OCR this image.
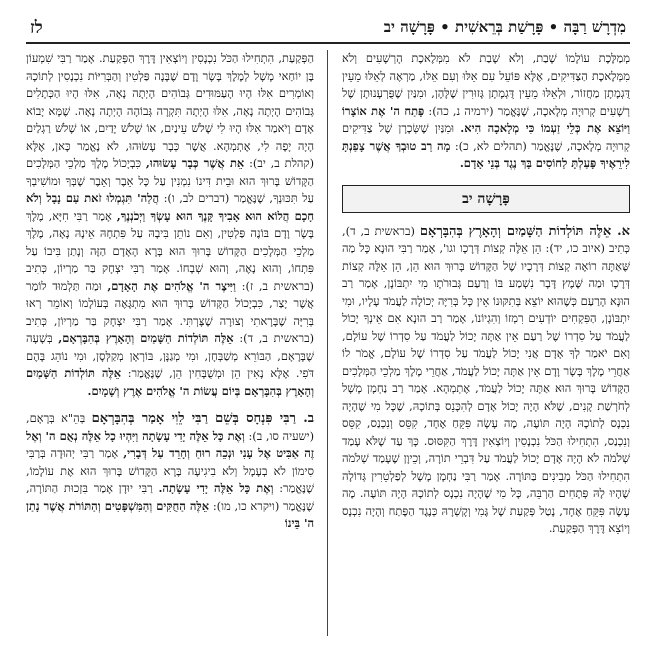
מִדְרָשׁ רַבָּה • פָּרָשַׁת בְּרֵאשִׁית • פָּרָשָׁה יב
לז

מְמַלֶּכֶת עוֹלָמוֹ שָׁבַת, וְלֹא שָׁבַת לֹא מִמְּלֶאכֶת הָרְשָׁעִים וְלֹא מִמְּלֶאכֶת הַצַּדִּיקִים, אֶלָּא פּוֹעֵל עִם אֵלּוּ וְעִם אֵלּוּ, מַרְאֶה לְאֵלּוּ מֵעֵין דֻּגְמָתָן מַחֲזוֹר, וּלְאֵלּוּ מֵעֵין דֻּגְמָתָן גָּזוּרִין שֶׁלָּהֶן, וּמִנַּיִן שֶׁפֻּרְעָנוּתָן שֶׁל רְשָׁעִים קְרוּיָה מְלָאכָה, שֶׁנֶּאֱמַר (ירמיה נ, כה): פָּתַח ה' אֶת אוֹצָרוֹ וַיּוֹצֵא אֶת כְּלֵי זַעְמוֹ כִּי מְלָאכָה הִיא. וּמִנַּיִן שֶׁשְּׂכָרָן שֶׁל צַדִּיקִים קְרוּיָה מְלָאכָה, שֶׁנֶּאֱמַר (תהלים לא, כ): מָה רַב טוּבְךָ אֲשֶׁר צָפַנְתָּ לִירֵאֶיךָ פָּעַלְתָּ לַחוֹסִים בָּךְ נֶגֶד בְּנֵי אָדָם.

פָּרָשָׁה יב

א. אֵלֶּה תּוֹלְדוֹת הַשָּׁמַיִם וְהָאָרֶץ בְּהִבָּרְאָם (בראשית ב, ד), כְּתִיב (איוב כו, יד): הֵן אֵלֶּה קְצוֹת דְּרָכָו וגו', אָמַר רַבִּי הוּנָא כָּל מַה שֶּׁאַתָּה רוֹאֶה קְצוֹת דְּרָכָיו שֶׁל הַקָּדוֹשׁ בָּרוּךְ הוּא הֵן, הֵן אֵלֶּה קְצוֹת דְּרָכָו וּמַה שֶּׁמֶץ דָּבָר נִשְׁמַע בּוֹ וְרַעַם גְּבוּרֹתָו מִי יִתְבּוֹנָן, אָמַר רַב הוּנָא הָרַעַם כְּשֶׁהוּא יוֹצֵא בְּתִקּוּנוֹ אֵין כָּל בְּרִיָּה יְכוֹלָה לַעֲמֹד עָלָיו, וּמִי יִתְבּוֹנָן, הַפִּקְחִים יוֹדְעִים רִמְזוֹ וְהִגְיוֹנוֹ, אָמַר רַב הוּנָא אִם אֵינְךָ יָכוֹל לַעֲמֹד עַל סִדְרוֹ שֶׁל רַעַם אֵין אַתָּה יָכוֹל לַעֲמֹד עַל סִדְרוֹ שֶׁל עוֹלָם, וְאִם יֹאמַר לְךָ אָדָם אֲנִי יָכוֹל לַעֲמֹד עַל סִדְרוֹ שֶׁל עוֹלָם, אֱמֹר לוֹ אַחֲרֵי מֶלֶךְ בָּשָׂר וָדָם אֵין אַתָּה יָכוֹל לַעֲמֹד, אַחֲרֵי מֶלֶךְ מַלְכֵי הַמְּלָכִים הַקָּדוֹשׁ בָּרוּךְ הוּא אַתָּה יָכוֹל לַעֲמֹד, אֶתְמְהָא. אָמַר רַב נַחְמָן מָשָׁל לְחֹרְשַׁת קָנִים, שֶׁלֹּא הָיָה יָכוֹל אָדָם לְהִכָּנֵס בְּתוֹכָהּ, שֶׁכָּל מִי שֶׁהָיָה נִכְנָס לְתוֹכָהּ הָיָה תּוֹעֶה, מֶה עָשָׂה פִּקֵּחַ אֶחָד, קִסֵּס וְנִכְנַס, קִסֵּס וְנִכְנַס, הִתְחִילוּ הַכֹּל נִכְנָסִין וְיוֹצְאִין דֶּרֶךְ הַקִּסּוּס. כָּךְ עַד שֶׁלֹּא עָמַד שְׁלֹמֹה לֹא הָיָה אָדָם יָכוֹל לַעֲמֹד עַל דִּבְרֵי תוֹרָה, וְכֵיוָן שֶׁעָמַד שְׁלֹמֹה הִתְחִילוּ הַכֹּל מְבִינִים בַּתּוֹרָה. אָמַר רַבִּי נַחְמָן מָשָׁל לְפַלְטֵרִין גְּדוֹלָה שֶׁהָיוּ לָהּ פְּתָחִים הַרְבֵּה, כָּל מִי שֶׁהָיָה נִכְנָס לְתוֹכָהּ הָיָה תּוֹעֶה. מֶה עָשָׂה פִּקֵּחַ אֶחָד, נָטַל פְּקַעַת שֶׁל גֶּמִי וְקָשְׁרָהּ כְּנֶגֶד הַפֶּתַח וְהָיָה נִכְנָס וְיוֹצֵא דֶּרֶךְ הַפְּקַעַת.

הַפְּקַעַת, הִתְחִילוּ הַכֹּל נִכְנָסִין וְיוֹצְאִין דֶּרֶךְ הַפְּקַעַת. אָמַר רַבִּי שִׁמְעוֹן בֶּן יוֹחַאי מָשָׁל לְמֶלֶךְ בָּשָׂר וָדָם שֶׁבָּנָה פַּלְטִין וְהַבְּרִיּוֹת נִכְנָסִין לְתוֹכָהּ וְאוֹמְרִים אִלּוּ הָיוּ הָעַמּוּדִים גְּבוֹהִים הָיְתָה נָאָה, אִלּוּ הָיוּ הַכְּתָלִים גְּבוֹהִים הָיְתָה נָאָה, אִלּוּ הָיְתָה תִּקְרָה גְּבוֹהָה הָיְתָה נָאָה. שֶׁמָּא יָבוֹא אָדָם וְיֹאמַר אִלּוּ הָיוּ לִי שָׁלֹשׁ עֵינַיִם, אוֹ שָׁלֹשׁ יָדַיִם, אוֹ שָׁלֹשׁ רַגְלַיִם הָיָה יָפֶה לִי, אֶתְמְהָא. אֲשֶׁר כְּבָר עָשׂוּהוּ, לֹא נֶאֱמַר כָּאן, אֶלָּא (קהלת ב, יב): אֵת אֲשֶׁר כְּבָר עָשׂוּהוּ, כִּבְיָכוֹל מֶלֶךְ מַלְכֵי הַמְּלָכִים הַקָּדוֹשׁ בָּרוּךְ הוּא וּבֵית דִּינוֹ נִמְנִין עַל כָּל אֵבֶר וְאֵבֶר שֶׁבְּךָ וּמוֹשִׁיבְךָ עַל תִּכּוּנְךָ, שֶׁנֶּאֱמַר (דברים לב, ו): הֲלַה' תִּגְמְלוּ זֹאת עַם נָבָל וְלֹא חָכָם הֲלוֹא הוּא אָבִיךָ קָּנֶךָ הוּא עָשְׂךָ וַיְכֹנְנֶךָ, אָמַר רַבִּי חִיָּא, מֶלֶךְ בָּשָׂר וָדָם בּוֹנֶה פַּלְטִין, וְאִם נוֹתֵן בִּיבָהּ עַל פִּתְחָהּ אֵינָהּ נָאָה, מֶלֶךְ מַלְכֵי הַמְּלָכִים הַקָּדוֹשׁ בָּרוּךְ הוּא בָּרָא הָאָדָם הַזֶּה וְנָתַן בִּיבוֹ עַל פִּתְחוֹ, וְהוּא נָאֶה, וְהוּא שְׁבָחוֹ. אָמַר רַבִּי יִצְחָק בַּר מַרְיוֹן, כְּתִיב (בראשית ב, ז): וַיִּיצֶר ה' אֱלֹהִים אֶת הָאָדָם, וּמַה תַּלְמוּד לוֹמַר אֲשֶׁר יָצַר, כִּבְיָכוֹל הַקָּדוֹשׁ בָּרוּךְ הוּא מִתְגָּאֶה בְּעוֹלָמוֹ וְאוֹמֵר רְאוּ בְּרִיָּה שֶׁבָּרָאתִי וְצוּרָה שֶׁצָּרְתִּי. אָמַר רַבִּי יִצְחָק בַּר מַרְיוֹן, כְּתִיב (בראשית ב, ד): אֵלֶּה תּוֹלְדוֹת הַשָּׁמַיִם וְהָאָרֶץ בְּהִבָּרְאָם, בְּשָׁעָה שֶׁבָּרָאָם, הַבּוֹרֵא מְשַׁבְּחָן, וּמִי מְגַנָּן, בּוֹרְאָן מְקַלְּסָן, וּמִי נוֹהֵג בָּהֶם דֹּפִי. אֶלָּא נָאִין הֵן וּמְשֻׁבָּחִין הֵן, שֶׁנֶּאֱמַר: אֵלֶּה תּוֹלְדוֹת הַשָּׁמַיִם וְהָאָרֶץ בְּהִבָּרְאָם בְּיוֹם עֲשׂוֹת ה' אֱלֹהִים אֶרֶץ וְשָׁמָיִם.

ב. רַבִּי פִּנְחָס בְּשֵׁם רַבִּי לֵוִי אָמַר בְּהִבָּרְאָם בְּהֵ"א בְּרָאָם, (ישעיה סו, ב): וְאֶת כָּל אֵלֶּה יָדִי עָשָׂתָה וַיִּהְיוּ כָל אֵלֶּה נְאֻם ה' וְאֶל זֶה אַבִּיט אֶל עָנִי וּנְכֵה רוּחַ וְחָרֵד עַל דְּבָרִי, אָמַר רַבִּי יְהוּדָה בְּרַבִּי סִימוֹן לֹא בְעָמָל וְלֹא בִיגִיעָה בָּרָא הַקָּדוֹשׁ בָּרוּךְ הוּא אֶת עוֹלָמוֹ, שֶׁנֶּאֱמַר: וְאֶת כָּל אֵלֶּה יָדִי עָשָׂתָה. רַבִּי יוּדָן אָמַר בִּזְכוּת הַתּוֹרָה, שֶׁנֶּאֱמַר (ויקרא כו, מו): אֵלֶּה הַחֻקִּים וְהַמִּשְׁפָּטִים וְהַתּוֹרֹת אֲשֶׁר נָתַן ה' בֵּינוֹ
